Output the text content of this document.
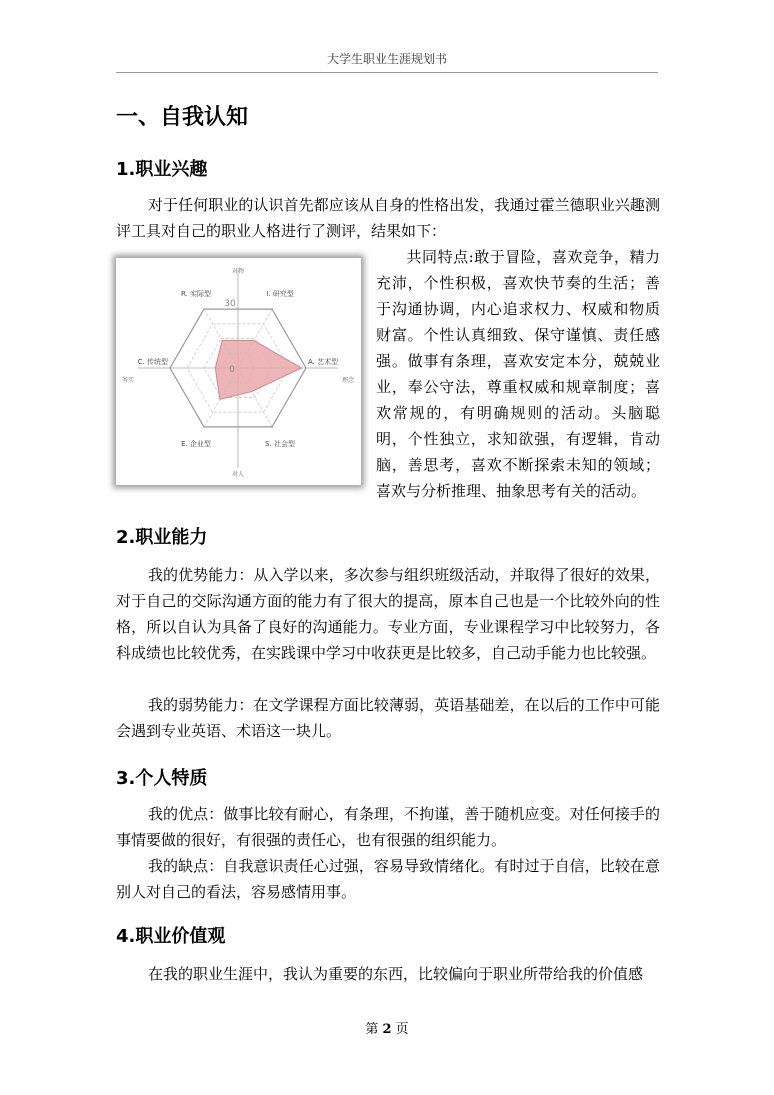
大学生职业生涯规划书
一、自我认知
1.职业兴趣
对于任何职业的认识首先都应该从自身的性格出发，我通过霍兰德职业兴趣测评工具对自己的职业人格进行了测评，结果如下：
R. 实际型	I. 研究型
A. 艺术型
S. 社会型
E. 企业型
C. 传统型
0
30
对物
对人
务实	理念
共同特点:敢于冒险，喜欢竞争，精力充沛，个性积极，喜欢快节奏的生活；善于沟通协调，内心追求权力、权威和物质财富。个性认真细致、保守谨慎、责任感强。做事有条理，喜欢安定本分，兢兢业业，奉公守法，尊重权威和规章制度；喜欢常规的，有明确规则的活动。头脑聪明，个性独立，求知欲强，有逻辑，肯动脑，善思考，喜欢不断探索未知的领域；喜欢与分析推理、抽象思考有关的活动。
2.职业能力
我的优势能力：从入学以来，多次参与组织班级活动，并取得了很好的效果，对于自己的交际沟通方面的能力有了很大的提高，原本自己也是一个比较外向的性格，所以自认为具备了良好的沟通能力。专业方面，专业课程学习中比较努力，各科成绩也比较优秀，在实践课中学习中收获更是比较多，自己动手能力也比较强。
我的弱势能力：在文学课程方面比较薄弱，英语基础差，在以后的工作中可能会遇到专业英语、术语这一块儿。
3.个人特质
我的优点：做事比较有耐心，有条理，不拘谨，善于随机应变。对任何接手的事情要做的很好，有很强的责任心，也有很强的组织能力。
我的缺点：自我意识责任心过强，容易导致情绪化。有时过于自信，比较在意别人对自己的看法，容易感情用事。
4.职业价值观
在我的职业生涯中，我认为重要的东西，比较偏向于职业所带给我的价值感
第 2 页
